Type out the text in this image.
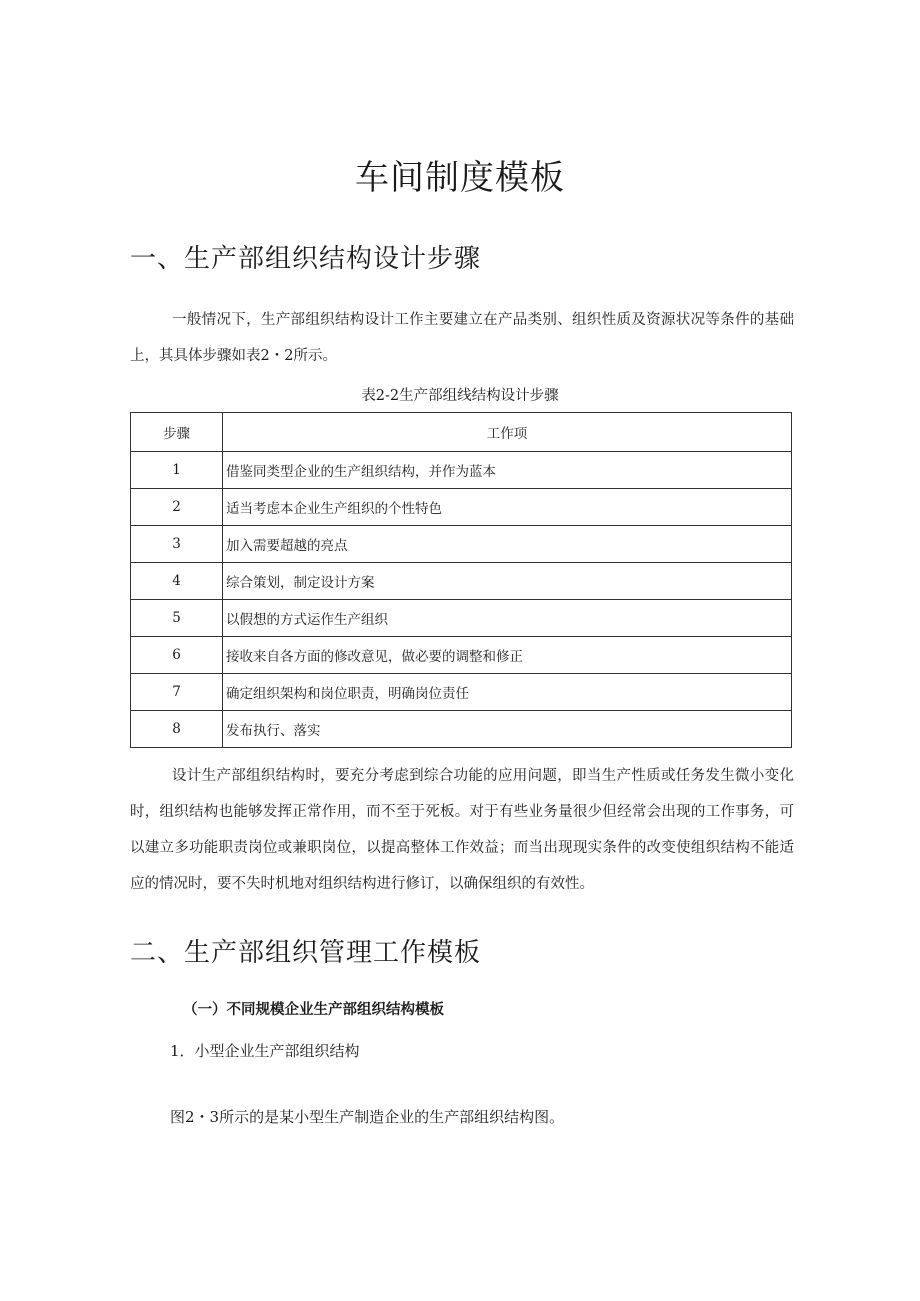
车间制度模板
一、生产部组织结构设计步骤

一般情况下，生产部组织结构设计工作主要建立在产品类别、组织性质及资源状况等条件的基础上，其具体步骤如表2・2所示。

表2-2生产部组线结构设计步骤

步骤	工作项
1	借鉴同类型企业的生产组织结构，并作为蓝本
2	适当考虑本企业生产组织的个性特色
3	加入需要超越的亮点
4	综合策划，制定设计方案
5	以假想的方式运作生产组织
6	接收来自各方面的修改意见，做必要的调整和修正
7	确定组织架构和岗位职责，明确岗位责任
8	发布执行、落实

设计生产部组织结构时，要充分考虑到综合功能的应用问题，即当生产性质或任务发生微小变化时，组织结构也能够发挥正常作用，而不至于死板。对于有些业务量很少但经常会出现的工作事务，可以建立多功能职责岗位或兼职岗位，以提高整体工作效益；而当出现现实条件的改变使组织结构不能适应的情况时，要不失时机地对组织结构进行修订，以确保组织的有效性。

二、生产部组织管理工作模板
（一）不同规模企业生产部组织结构模板

1．小型企业生产部组织结构

图2・3所示的是某小型生产制造企业的生产部组织结构图。
